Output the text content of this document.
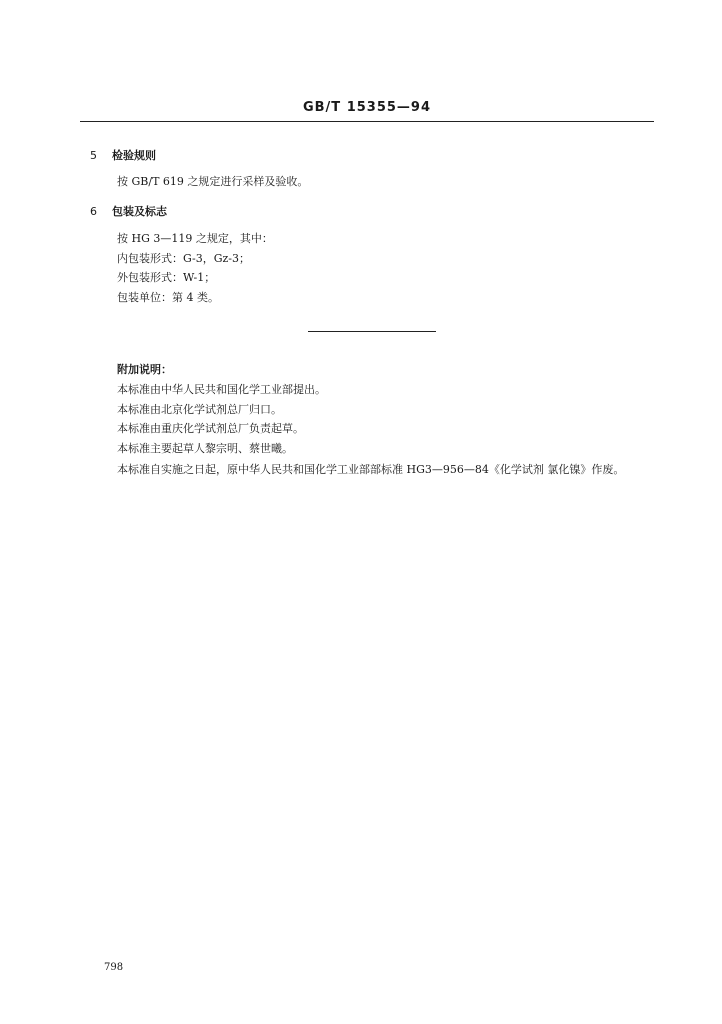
GB/T 15355—94
5 检验规则
按 GB/T 619 之规定进行采样及验收。
6 包装及标志
按 HG 3—119 之规定，其中：
内包装形式：G-3，Gz-3；
外包装形式：W-1；
包装单位：第 4 类。
附加说明：
本标准由中华人民共和国化学工业部提出。
本标准由北京化学试剂总厂归口。
本标准由重庆化学试剂总厂负责起草。
本标准主要起草人黎宗明、蔡世曦。
本标准自实施之日起，原中华人民共和国化学工业部部标准 HG3—956—84《化学试剂 氯化镍》作废。
798
